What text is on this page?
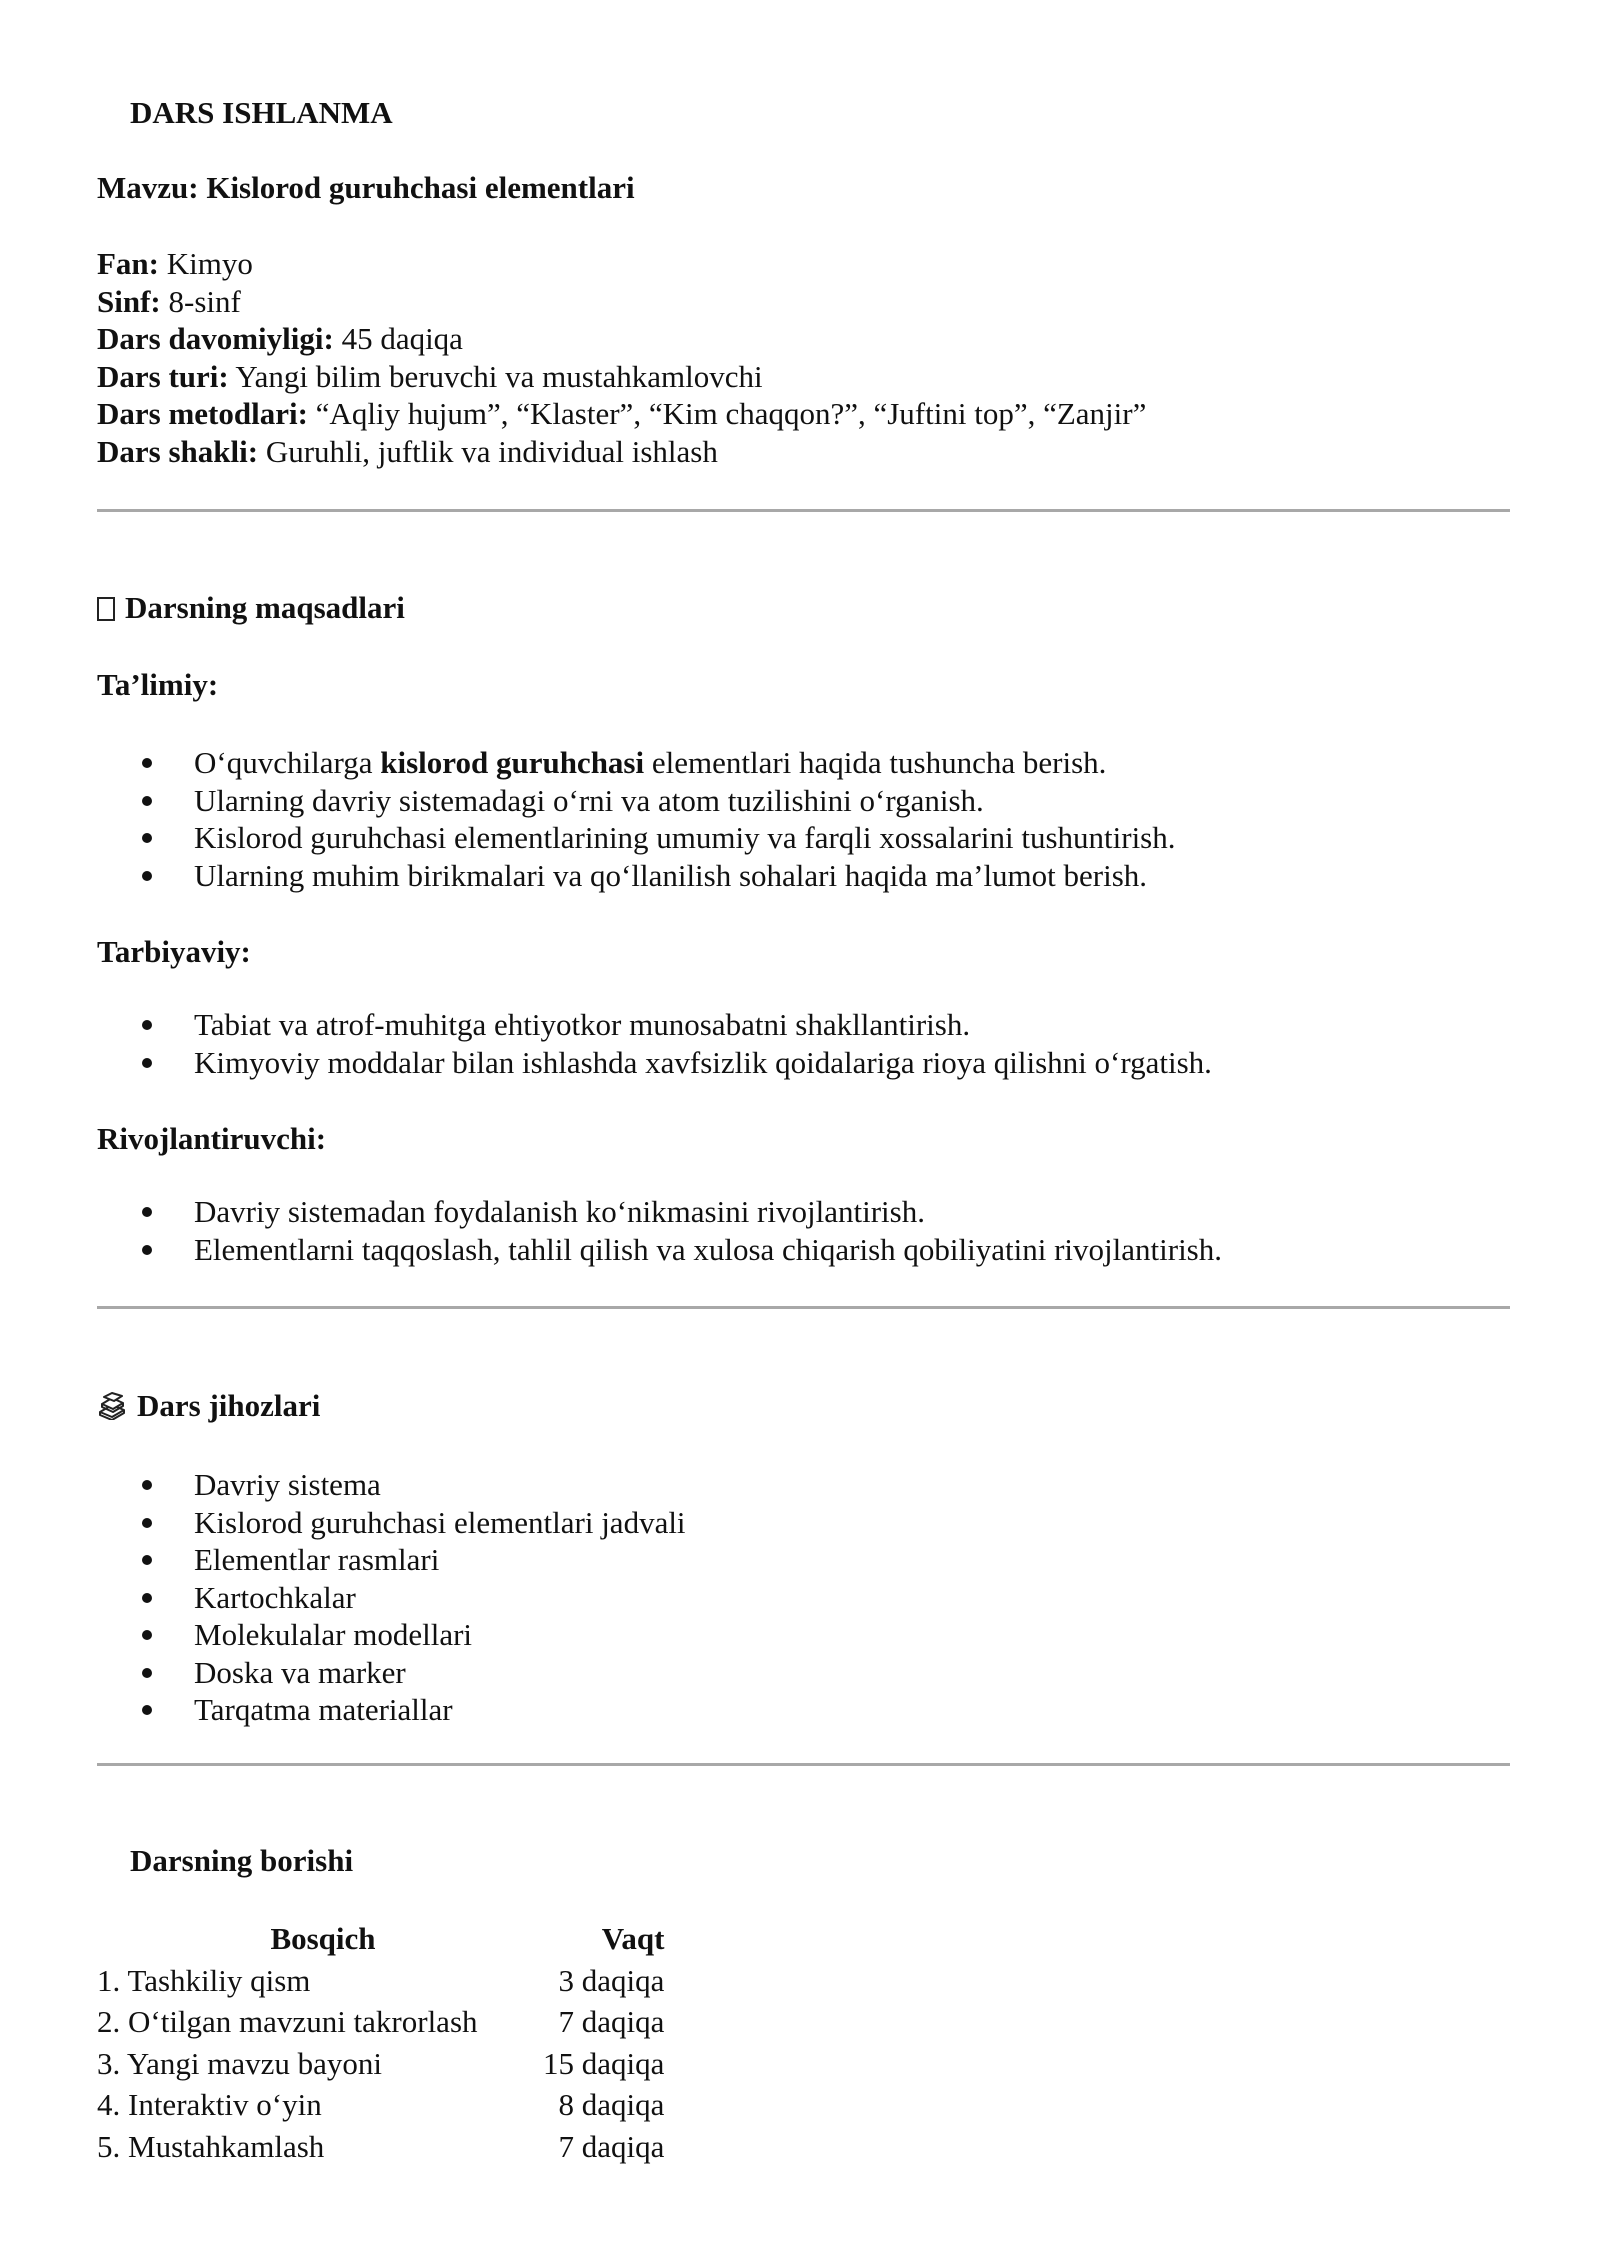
DARS ISHLANMA
Mavzu: Kislorod guruhchasi elementlari
Fan: Kimyo
Sinf: 8-sinf
Dars davomiyligi: 45 daqiqa
Dars turi: Yangi bilim beruvchi va mustahkamlovchi
Dars metodlari: “Aqliy hujum”, “Klaster”, “Kim chaqqon?”, “Juftini top”, “Zanjir”
Dars shakli: Guruhli, juftlik va individual ishlash
Darsning maqsadlari
Ta’limiy:
O‘quvchilarga kislorod guruhchasi elementlari haqida tushuncha berish.
Ularning davriy sistemadagi o‘rni va atom tuzilishini o‘rganish.
Kislorod guruhchasi elementlarining umumiy va farqli xossalarini tushuntirish.
Ularning muhim birikmalari va qo‘llanilish sohalari haqida ma’lumot berish.
Tarbiyaviy:
Tabiat va atrof-muhitga ehtiyotkor munosabatni shakllantirish.
Kimyoviy moddalar bilan ishlashda xavfsizlik qoidalariga rioya qilishni o‘rgatish.
Rivojlantiruvchi:
Davriy sistemadan foydalanish ko‘nikmasini rivojlantirish.
Elementlarni taqqoslash, tahlil qilish va xulosa chiqarish qobiliyatini rivojlantirish.
Dars jihozlari
Davriy sistema
Kislorod guruhchasi elementlari jadvali
Elementlar rasmlari
Kartochkalar
Molekulalar modellari
Doska va marker
Tarqatma materiallar
Darsning borishi
Bosqich	Vaqt
1. Tashkiliy qism	3 daqiqa
2. O‘tilgan mavzuni takrorlash	7 daqiqa
3. Yangi mavzu bayoni	15 daqiqa
4. Interaktiv o‘yin	8 daqiqa
5. Mustahkamlash	7 daqiqa
